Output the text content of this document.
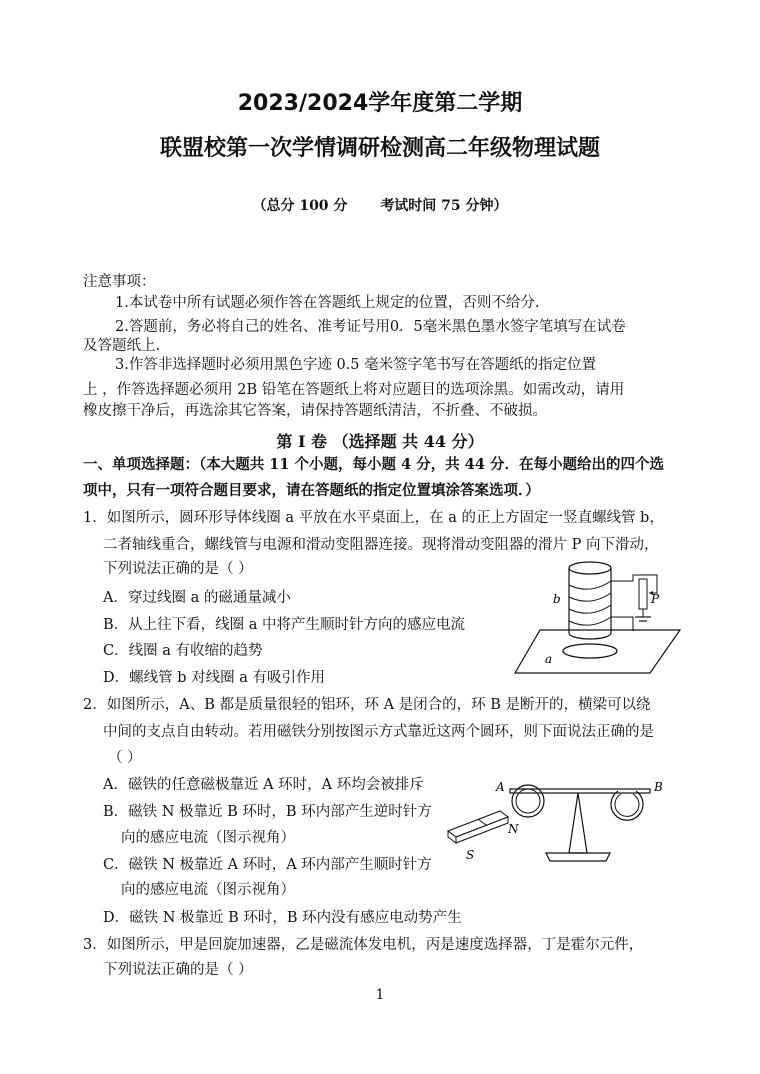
2023/2024学年度第二学期
联盟校第一次学情调研检测高二年级物理试题
（总分 100 分 考试时间 75 分钟）
注意事项：
1.本试卷中所有试题必须作答在答题纸上规定的位置，否则不给分.
2.答题前，务必将自己的姓名、准考证号用0．5毫米黑色墨水签字笔填写在试卷
及答题纸上.
3.作答非选择题时必须用黑色字迹 0.5 毫米签字笔书写在答题纸的指定位置
上 ，作答选择题必须用 2B 铅笔在答题纸上将对应题目的选项涂黑。如需改动，请用
橡皮擦干净后，再选涂其它答案，请保持答题纸清洁，不折叠、不破损。
第 I 卷 （选择题 共 44 分）
一、单项选择题：（本大题共 11 个小题，每小题 4 分，共 44 分．在每小题给出的四个选
项中，只有一项符合题目要求，请在答题纸的指定位置填涂答案选项．）
1．如图所示，圆环形导体线圈 a 平放在水平桌面上，在 a 的正上方固定一竖直螺线管 b，
二者轴线重合，螺线管与电源和滑动变阻器连接。现将滑动变阻器的滑片 P 向下滑动，
下列说法正确的是（ ）
A．穿过线圈 a 的磁通量减小
B．从上往下看，线圈 a 中将产生顺时针方向的感应电流
C．线圈 a 有收缩的趋势
D．螺线管 b 对线圈 a 有吸引作用
b	P
a
2．如图所示，A、B 都是质量很轻的铝环，环 A 是闭合的，环 B 是断开的，横梁可以绕
中间的支点自由转动。若用磁铁分别按图示方式靠近这两个圆环，则下面说法正确的是
（ ）
A．磁铁的任意磁极靠近 A 环时，A 环均会被排斥
B．磁铁 N 极靠近 B 环时，B 环内部产生逆时针方
向的感应电流（图示视角）
C．磁铁 N 极靠近 A 环时，A 环内部产生顺时针方
向的感应电流（图示视角）
D．磁铁 N 极靠近 B 环时，B 环内没有感应电动势产生
A	B
N
S
3．如图所示，甲是回旋加速器，乙是磁流体发电机，丙是速度选择器，丁是霍尔元件，
下列说法正确的是（ ）
1
